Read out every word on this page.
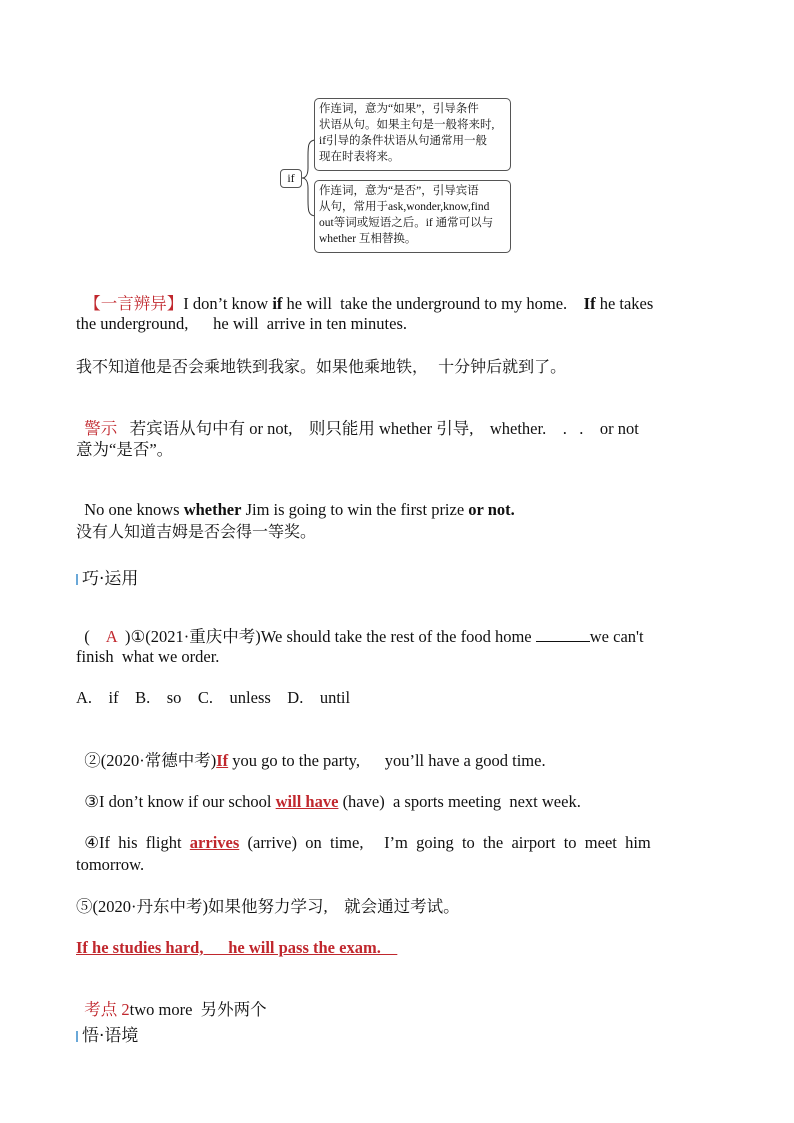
if
作连词，意为“如果”，引导条件
状语从句。如果主句是一般将来时,
if引导的条件状语从句通常用一般
现在时表将来。
作连词，意为“是否”，引导宾语
从句，常用于ask,wonder,know,find
out等词或短语之后。if 通常可以与
whether 互相替换。

【一言辨异】I don’t know if he will  take the underground to my home.    If he takes

the underground,      he will  arrive in ten minutes.
我不知道他是否会乘地铁到我家。如果他乘地铁，  十分钟后就到了。

警示   若宾语从句中有 or not,    则只能用 whether 引导,    whether.    .   .    or not

意为“是否”。

No one knows whether Jim is going to win the first prize or not.

没有人知道吉姆是否会得一等奖。
巧·运用

( A  )①(2021·重庆中考)We should take the rest of the food home	we can't

finish  what we order.
A.    if    B.    so    C.    unless    D.    until

②(2020·常德中考)If you go to the party,      you’ll have a good time.

③I don’t know if our school will have (have)  a sports meeting  next week.

④If  his  flight  arrives  (arrive)  on  time,     I’m  going  to  the  airport  to  meet  him

tomorrow.
⑤(2020·丹东中考)如果他努力学习,    就会通过考试。
If he studies hard,      he will pass the exam.

考点 2two more  另外两个

悟·语境
